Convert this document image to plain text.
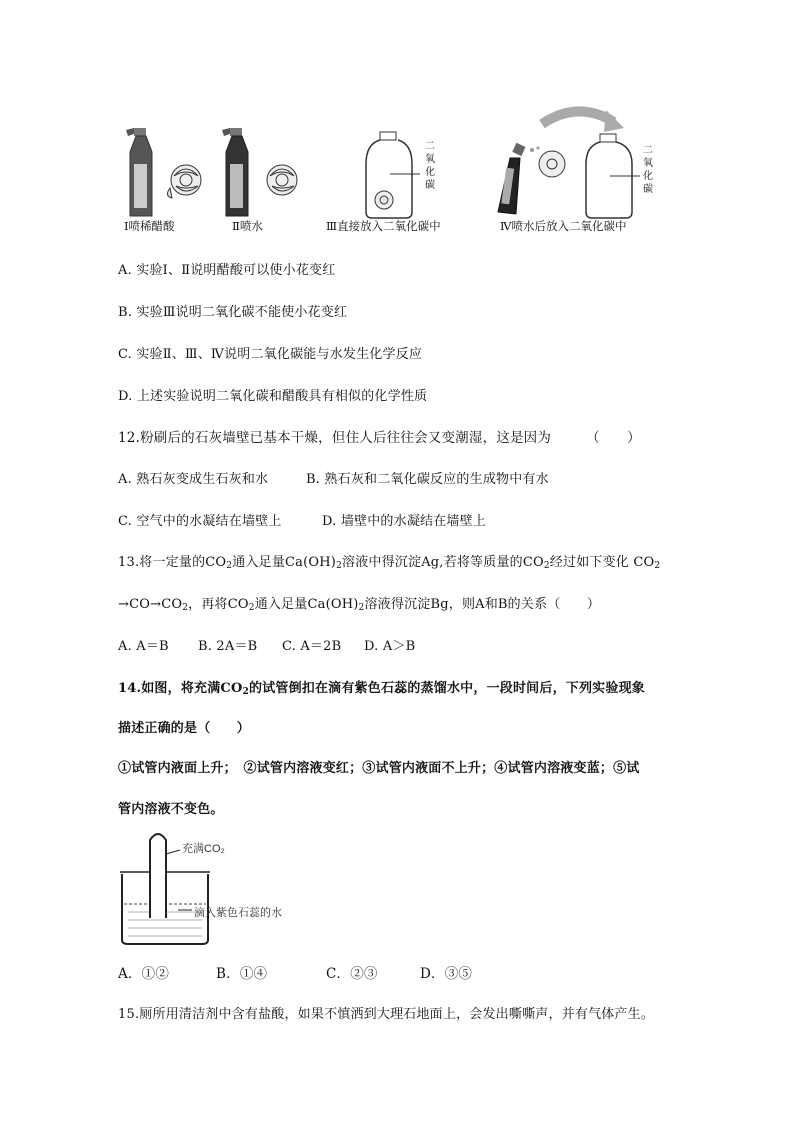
二氧化碳
二氧化碳
Ⅰ喷稀醋酸	Ⅱ喷水	Ⅲ直接放入二氧化碳中	Ⅳ喷水后放入二氧化碳中
A. 实验Ⅰ、Ⅱ说明醋酸可以使小花变红
B. 实验Ⅲ说明二氧化碳不能使小花变红
C. 实验Ⅱ、Ⅲ、Ⅳ说明二氧化碳能与水发生化学反应
D. 上述实验说明二氧化碳和醋酸具有相似的化学性质
12.粉刷后的石灰墙壁已基本干燥，但住人后往往会又变潮湿，这是因为	（　　）
A. 熟石灰变成生石灰和水	B. 熟石灰和二氧化碳反应的生成物中有水
C. 空气中的水凝结在墙壁上	D. 墙壁中的水凝结在墙壁上
13.将一定量的$CO_2$通入足量$Ca(OH)_2$溶液中得沉淀Ag,若将等质量的$CO_2$经过如下变化 $CO_2$
$\to CO\to CO_2$，再将$CO_2$通入足量$Ca(OH)_2$溶液得沉淀Bg，则A和B的关系（　　）
A. A＝B B. 2A＝B C. A＝2B D. A＞B
14.如图，将充满$CO_2$的试管倒扣在滴有紫色石蕊的蒸馏水中，一段时间后，下列实验现象
描述正确的是（　　）
①试管内液面上升；　②试管内溶液变红；③试管内液面不上升；④试管内溶液变蓝；⑤试
管内溶液不变色。
充满CO₂
滴入紫色石蕊的水
A．①②	B．①④	C．②③	D．③⑤
15.厕所用清洁剂中含有盐酸，如果不慎洒到大理石地面上，会发出嘶嘶声，并有气体产生。
